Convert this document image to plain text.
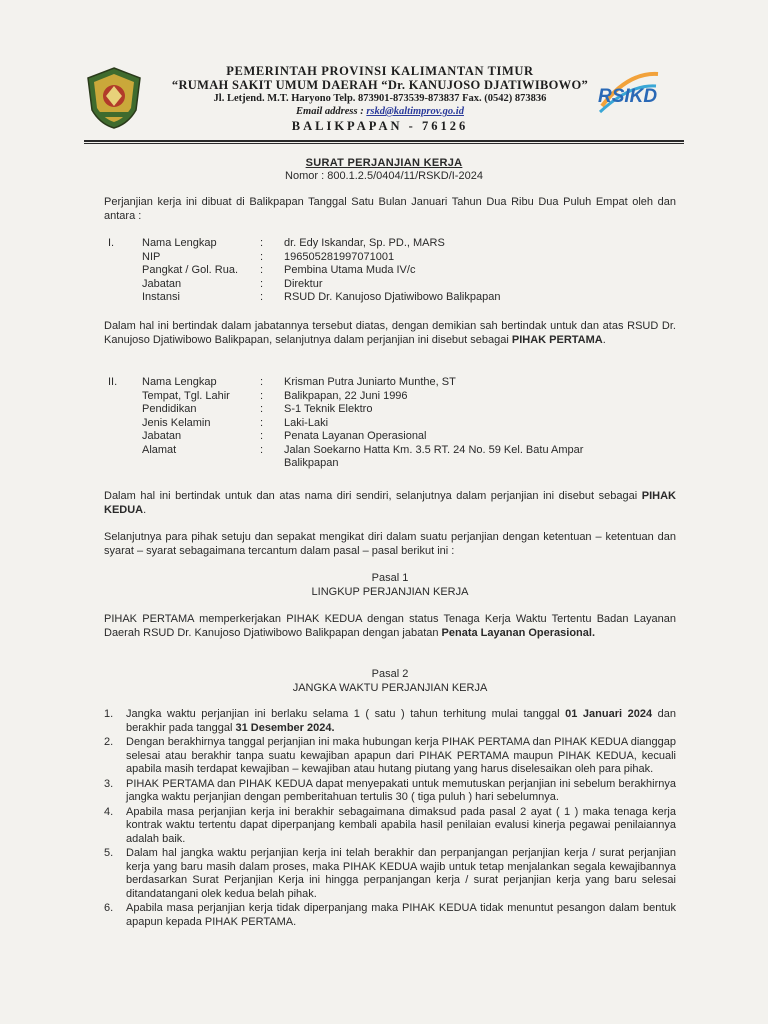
RSIKD
PEMERINTAH PROVINSI KALIMANTAN TIMUR
“RUMAH SAKIT UMUM DAERAH “Dr. KANUJOSO DJATIWIBOWO”
Jl. Letjend. M.T. Haryono Telp. 873901-873539-873837 Fax. (0542) 873836
Email address : rskd@kaltimprov.go.id
BALIKPAPAN - 76126
SURAT PERJANJIAN KERJA
Nomor : 800.1.2.5/0404/11/RSKD/I-2024
Perjanjian kerja ini dibuat di Balikpapan Tanggal Satu Bulan Januari Tahun Dua Ribu Dua Puluh Empat oleh dan antara :
I.	Nama Lengkap	: dr. Edy Iskandar, Sp. PD., MARS
NIP	: 196505281997071001
Pangkat / Gol. Rua. : Pembina Utama Muda IV/c
Jabatan	: Direktur
Instansi	: RSUD Dr. Kanujoso Djatiwibowo Balikpapan
Dalam hal ini bertindak dalam jabatannya tersebut diatas, dengan demikian sah bertindak untuk dan atas RSUD Dr. Kanujoso Djatiwibowo Balikpapan, selanjutnya dalam perjanjian ini disebut sebagai PIHAK PERTAMA.
II. Nama Lengkap	: Krisman Putra Juniarto Munthe, ST
Tempat, Tgl. Lahir	: Balikpapan, 22 Juni 1996
Pendidikan	: S-1 Teknik Elektro
Jenis Kelamin	: Laki-Laki
Jabatan	: Penata Layanan Operasional
Alamat	: Jalan Soekarno Hatta Km. 3.5 RT. 24 No. 59 Kel. Batu Ampar
Balikpapan
Dalam hal ini bertindak untuk dan atas nama diri sendiri, selanjutnya dalam perjanjian ini disebut sebagai PIHAK KEDUA.
Selanjutnya para pihak setuju dan sepakat mengikat diri dalam suatu perjanjian dengan ketentuan – ketentuan dan syarat – syarat sebagaimana tercantum dalam pasal – pasal berikut ini :
Pasal 1
LINGKUP PERJANJIAN KERJA
PIHAK PERTAMA memperkerjakan PIHAK KEDUA dengan status Tenaga Kerja Waktu Tertentu Badan Layanan Daerah RSUD Dr. Kanujoso Djatiwibowo Balikpapan dengan jabatan Penata Layanan Operasional.
Pasal 2
JANGKA WAKTU PERJANJIAN KERJA
1. Jangka waktu perjanjian ini berlaku selama 1 ( satu ) tahun terhitung mulai tanggal 01 Januari 2024 dan berakhir pada tanggal 31 Desember 2024.
2. Dengan berakhirnya tanggal perjanjian ini maka hubungan kerja PIHAK PERTAMA dan PIHAK KEDUA dianggap selesai atau berakhir tanpa suatu kewajiban apapun dari PIHAK PERTAMA maupun PIHAK KEDUA, kecuali apabila masih terdapat kewajiban – kewajiban atau hutang piutang yang harus diselesaikan oleh para pihak.
3. PIHAK PERTAMA dan PIHAK KEDUA dapat menyepakati untuk memutuskan perjanjian ini sebelum berakhirnya jangka waktu perjanjian dengan pemberitahuan tertulis 30 ( tiga puluh ) hari sebelumnya.
4. Apabila masa perjanjian kerja ini berakhir sebagaimana dimaksud pada pasal 2 ayat ( 1 ) maka tenaga kerja kontrak waktu tertentu dapat diperpanjang kembali apabila hasil penilaian evalusi kinerja pegawai penilaiannya adalah baik.
5. Dalam hal jangka waktu perjanjian kerja ini telah berakhir dan perpanjangan perjanjian kerja / surat perjanjian kerja yang baru masih dalam proses, maka PIHAK KEDUA wajib untuk tetap menjalankan segala kewajibannya berdasarkan Surat Perjanjian Kerja ini hingga perpanjangan kerja / surat perjanjian kerja yang baru selesai ditandatangani olek kedua belah pihak.
6. Apabila masa perjanjian kerja tidak diperpanjang maka PIHAK KEDUA tidak menuntut pesangon dalam bentuk apapun kepada PIHAK PERTAMA.
